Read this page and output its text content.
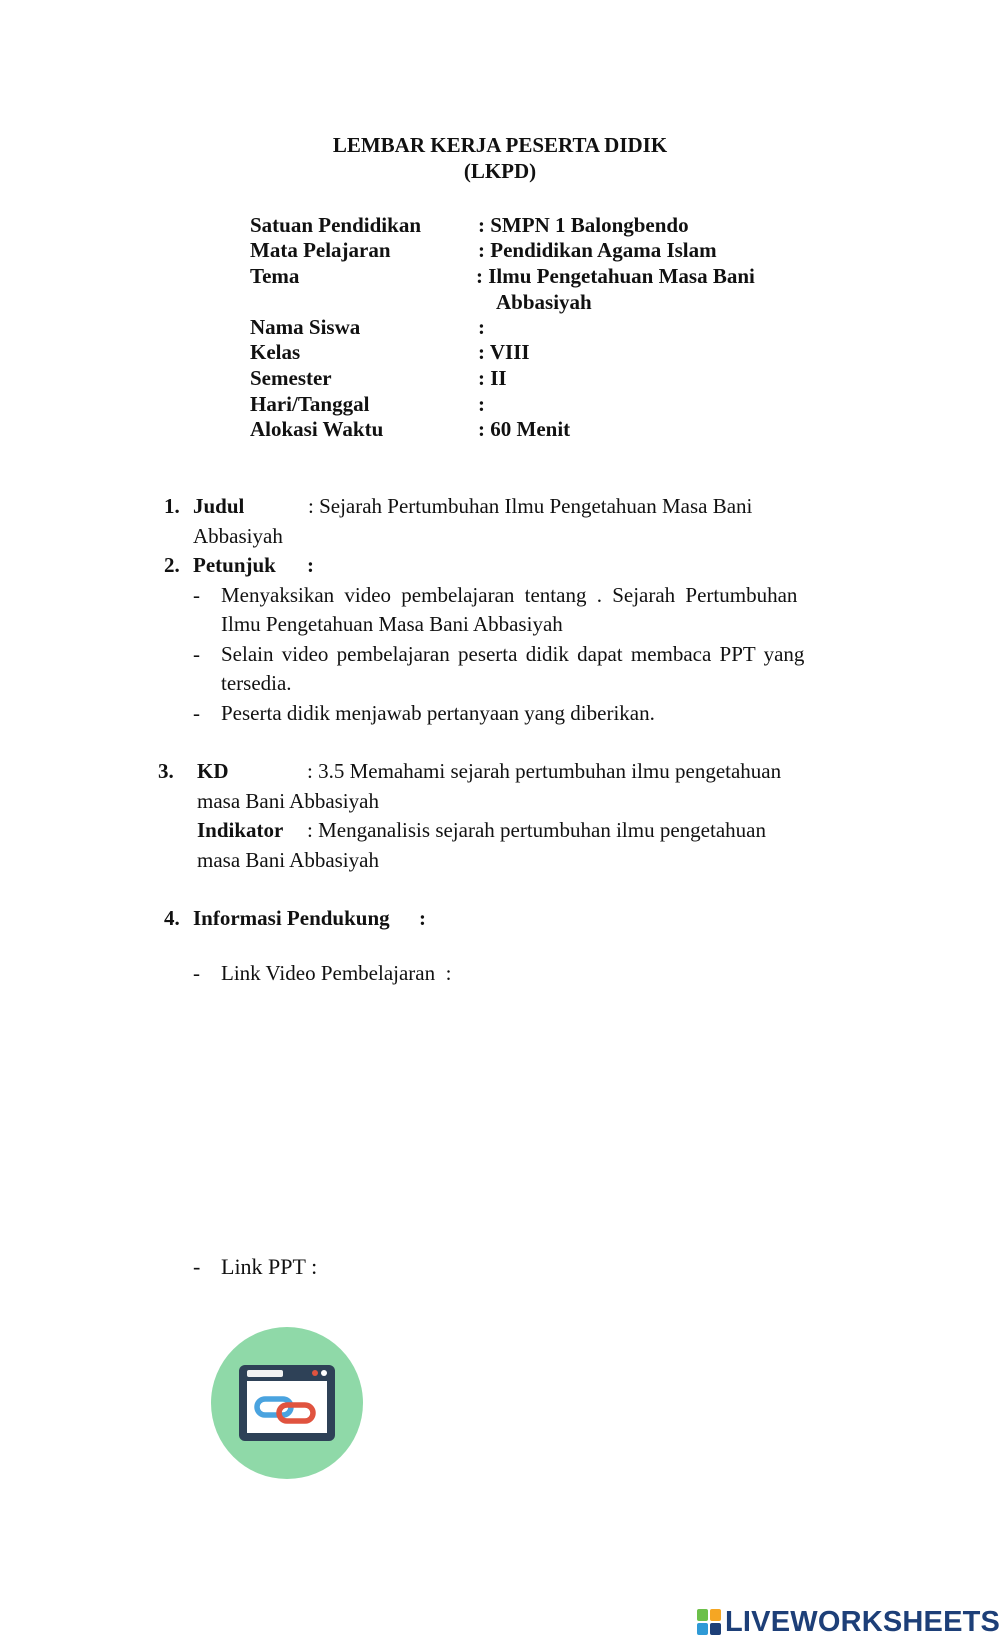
LEMBAR KERJA PESERTA DIDIK
(LKPD)
Satuan Pendidikan	: SMPN 1 Balongbendo
Mata Pelajaran	: Pendidikan Agama Islam
Tema	: Ilmu Pengetahuan Masa Bani
Abbasiyah
Nama Siswa	:
Kelas	: VIII
Semester	: II
Hari/Tanggal	:
Alokasi Waktu	: 60 Menit
1. Judul	: Sejarah Pertumbuhan Ilmu Pengetahuan Masa Bani
Abbasiyah
2. Petunjuk :
- Menyaksikan video pembelajaran tentang . Sejarah Pertumbuhan
Ilmu Pengetahuan Masa Bani Abbasiyah
- Selain video pembelajaran peserta didik dapat membaca PPT yang
tersedia.
- Peserta didik menjawab pertanyaan yang diberikan.
3. KD	: 3.5 Memahami sejarah pertumbuhan ilmu pengetahuan
masa Bani Abbasiyah
Indikator : Menganalisis sejarah pertumbuhan ilmu pengetahuan
masa Bani Abbasiyah
4. Informasi Pendukung :
- Link Video Pembelajaran  :
- Link PPT :
LIVEWORKSHEETS
